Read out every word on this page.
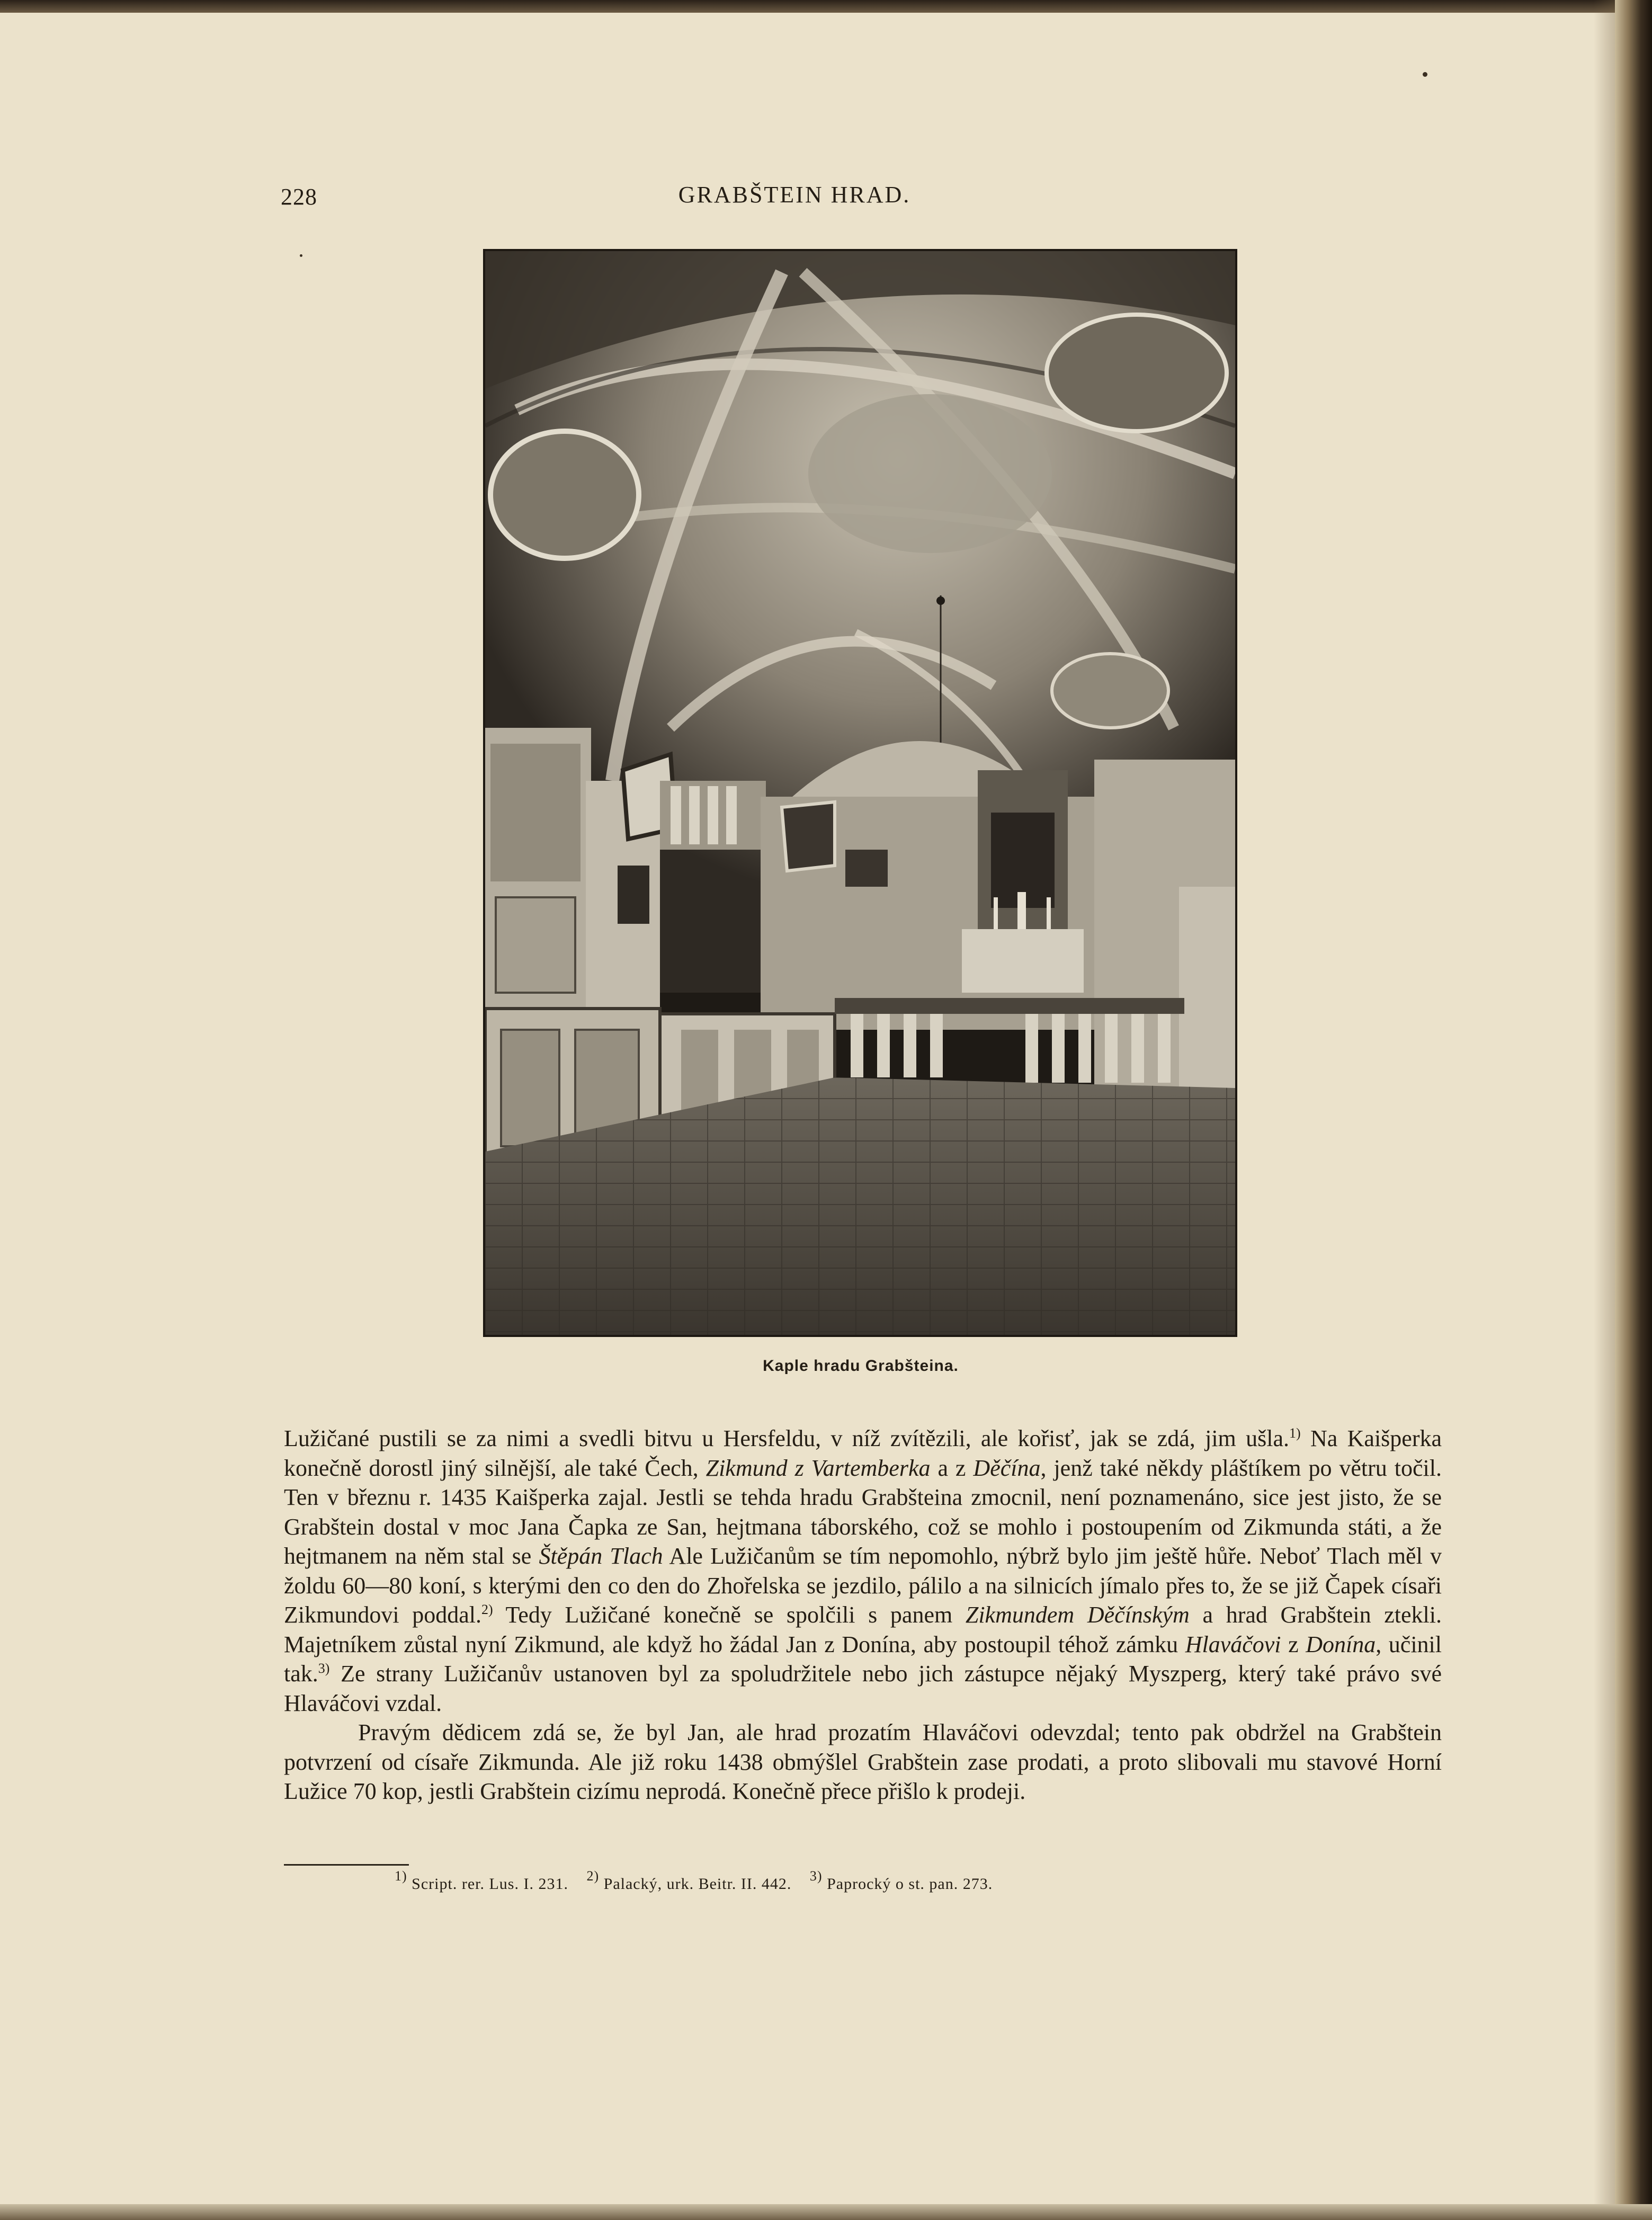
228	GRABŠTEIN HRAD.
Kaple hradu Grabšteina.

Lužičané pustili se za nimi a svedli bitvu u Hersfeldu, v níž zvítězili, ale kořisť, jak se zdá, jim ušla.$^{1)}$ Na Kaišperka konečně dorostl jiný silnější, ale také Čech, Zikmund z Vartemberka a z Děčína, jenž také někdy pláštíkem po větru točil. Ten v březnu r. 1435 Kaišperka zajal. Jestli se tehda hradu Grabšteina zmocnil, není poznamenáno, sice jest jisto, že se Grabštein dostal v moc Jana Čapka ze San, hejtmana táborského, což se mohlo i postoupením od Zikmunda státi, a že hejtmanem na něm stal se Štěpán Tlach Ale Lužičanům se tím nepomohlo, nýbrž bylo jim ještě hůře. Neboť Tlach měl v žoldu 60—80 koní, s kterými den co den do Zhořelska se jezdilo, pálilo a na silnicích jímalo přes to, že se již Čapek císaři Zikmundovi poddal.$^{2)}$ Tedy Lužičané konečně se spolčili s panem Zikmundem Děčínským a hrad Grabštein ztekli. Majetníkem zůstal nyní Zikmund, ale když ho žádal Jan z Donína, aby postoupil téhož zámku Hlaváčovi z Donína, učinil tak.$^{3)}$ Ze strany Lužičanův ustanoven byl za spoludržitele nebo jich zástupce nějaký Myszperg, který také právo své Hlaváčovi vzdal.

Pravým dědicem zdá se, že byl Jan, ale hrad prozatím Hlaváčovi odevzdal; tento pak obdržel na Grabštein potvrzení od císaře Zikmunda. Ale již roku 1438 obmýšlel Grabštein zase prodati, a proto slibovali mu stavové Horní Lužice 70 kop, jestli Grabštein cizímu neprodá. Konečně přece přišlo k prodeji.

1) Script. rer. Lus. I. 231. 2) Palacký, urk. Beitr. II. 442. 3) Paprocký o st. pan. 273.
